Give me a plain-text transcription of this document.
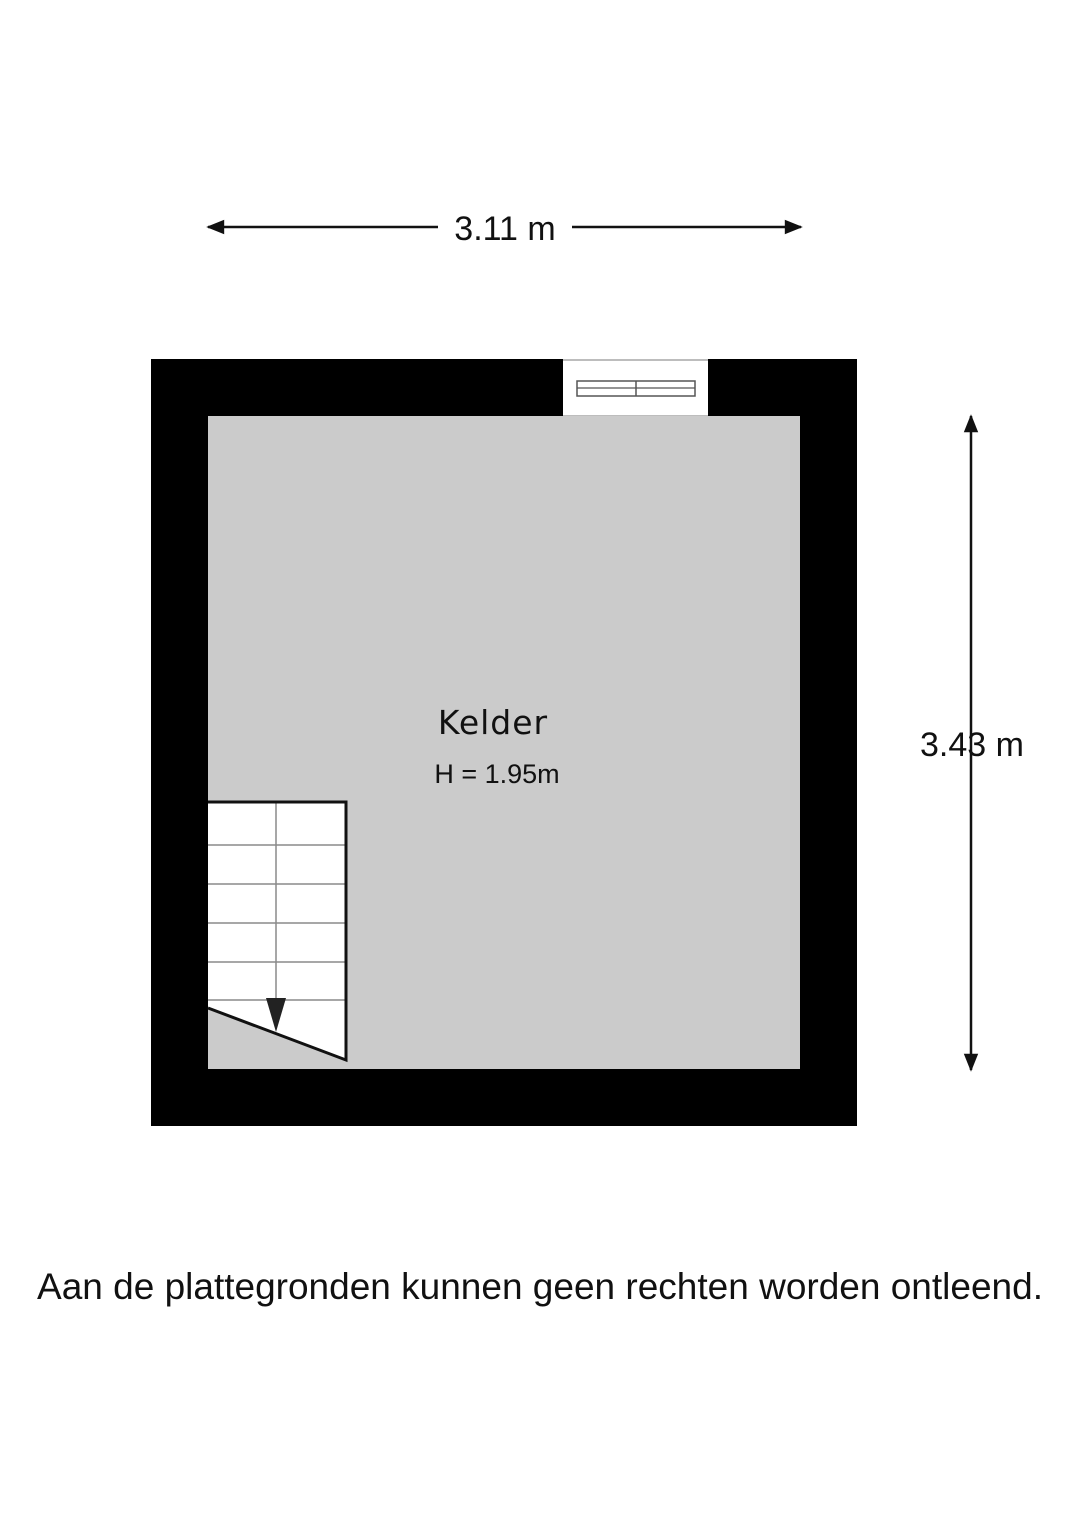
3.11 m
3.43 m
Kelder
H = 1.95m
Aan de plattegronden kunnen geen rechten worden ontleend.
